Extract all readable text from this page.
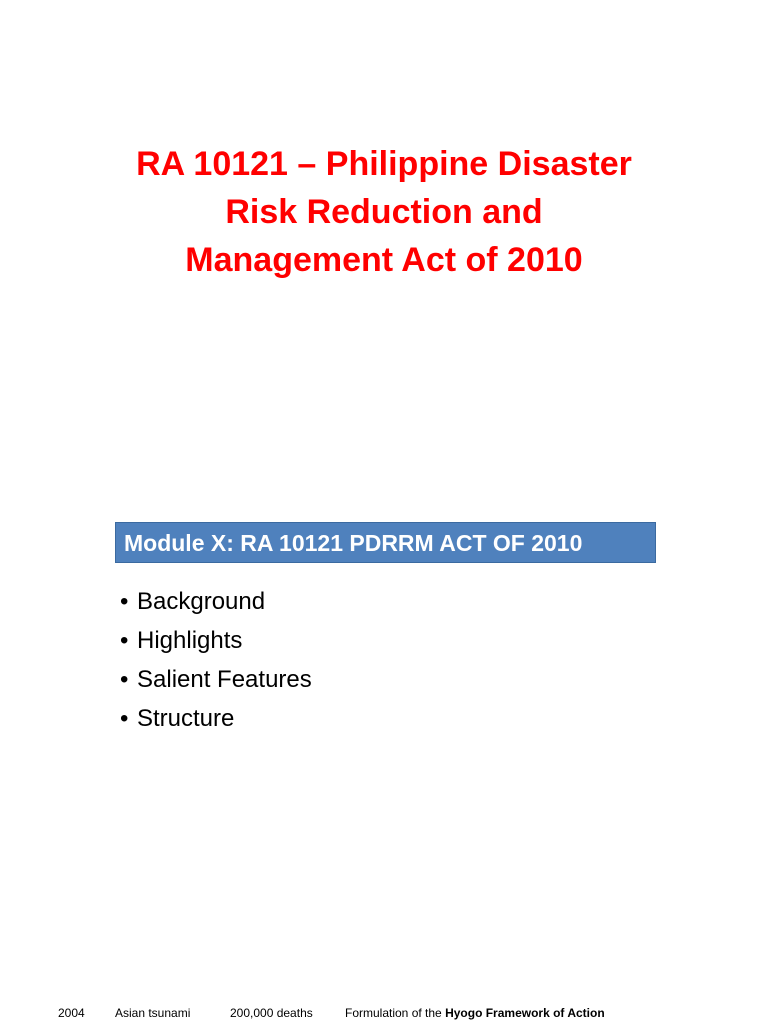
RA 10121 – Philippine Disaster
Risk Reduction and
Management Act of 2010
Module X: RA 10121 PDRRM ACT OF 2010
• Background
• Highlights
• Salient Features
• Structure
2004	Asian tsunami	200,000 deaths	Formulation of the Hyogo Framework of Action
